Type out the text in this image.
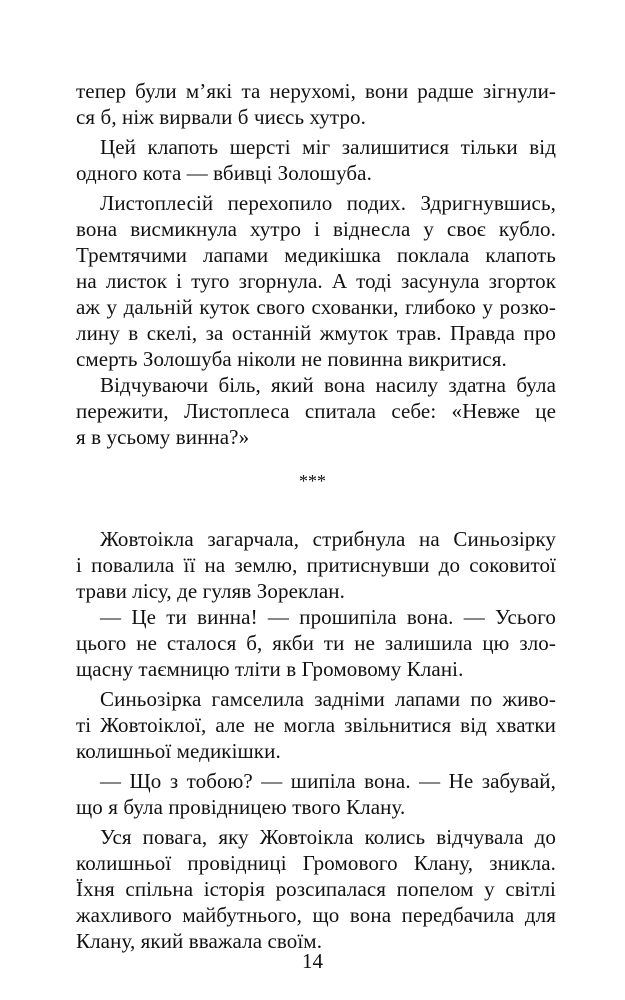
тепер були м’які та нерухомі, вони радше зігнули-
ся б, ніж вирвали б чиєсь хутро.
Цей клапоть шерсті міг залишитися тільки від
одного кота — вбивці Золошуба.
Листоплесій перехопило подих. Здригнувшись,
вона висмикнула хутро і віднесла у своє кубло.
Тремтячими лапами медикішка поклала клапоть
на листок і туго згорнула. А тоді засунула згорток
аж у дальній куток свого схованки, глибоко у розко-
лину в скелі, за останній жмуток трав. Правда про
смерть Золошуба ніколи не повинна викритися.
Відчуваючи біль, який вона насилу здатна була
пережити, Листоплеса спитала себе: «Невже це
я в усьому винна?»
***
Жовтоікла загарчала, стрибнула на Синьозірку
і повалила її на землю, притиснувши до соковитої
трави лісу, де гуляв Зореклан.
— Це ти винна! — прошипіла вона. — Усього
цього не сталося б, якби ти не залишила цю зло-
щасну таємницю тліти в Громовому Клані.
Синьозірка гамселила задніми лапами по живо-
ті Жовтоіклої, але не могла звільнитися від хватки
колишньої медикішки.
— Що з тобою? — шипіла вона. — Не забувай,
що я була провідницею твого Клану.
Уся повага, яку Жовтоікла колись відчувала до
колишньої провідниці Громового Клану, зникла.
Їхня спільна історія розсипалася попелом у світлі
жахливого майбутнього, що вона передбачила для
Клану, який вважала своїм.
14
